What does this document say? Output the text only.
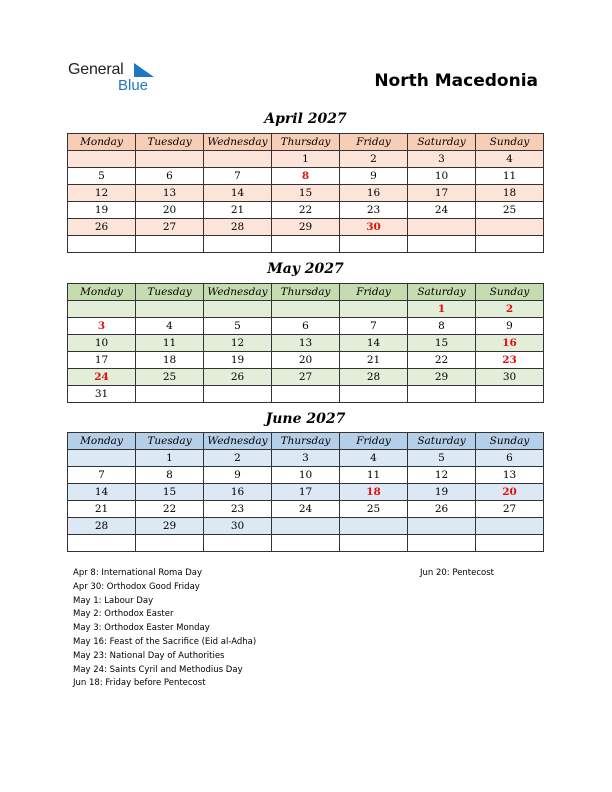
General
Blue	North Macedonia
April 2027
Monday	Tuesday	Wednesday	Thursday	Friday	Saturday	Sunday
			1	2	3	4
5	6	7	8	9	10	11
12	13	14	15	16	17	18
19	20	21	22	23	24	25
26	27	28	29	30		

May 2027
Monday	Tuesday	Wednesday	Thursday	Friday	Saturday	Sunday
					1	2
3	4	5	6	7	8	9
10	11	12	13	14	15	16
17	18	19	20	21	22	23
24	25	26	27	28	29	30
31						
June 2027
Monday	Tuesday	Wednesday	Thursday	Friday	Saturday	Sunday
	1	2	3	4	5	6
7	8	9	10	11	12	13
14	15	16	17	18	19	20
21	22	23	24	25	26	27
28	29	30				

Apr 8: International Roma Day
Apr 30: Orthodox Good Friday
May 1: Labour Day
May 2: Orthodox Easter
May 3: Orthodox Easter Monday
May 16: Feast of the Sacrifice (Eid al-Adha)
May 23: National Day of Authorities
May 24: Saints Cyril and Methodius Day
Jun 18: Friday before Pentecost
Jun 20: Pentecost
